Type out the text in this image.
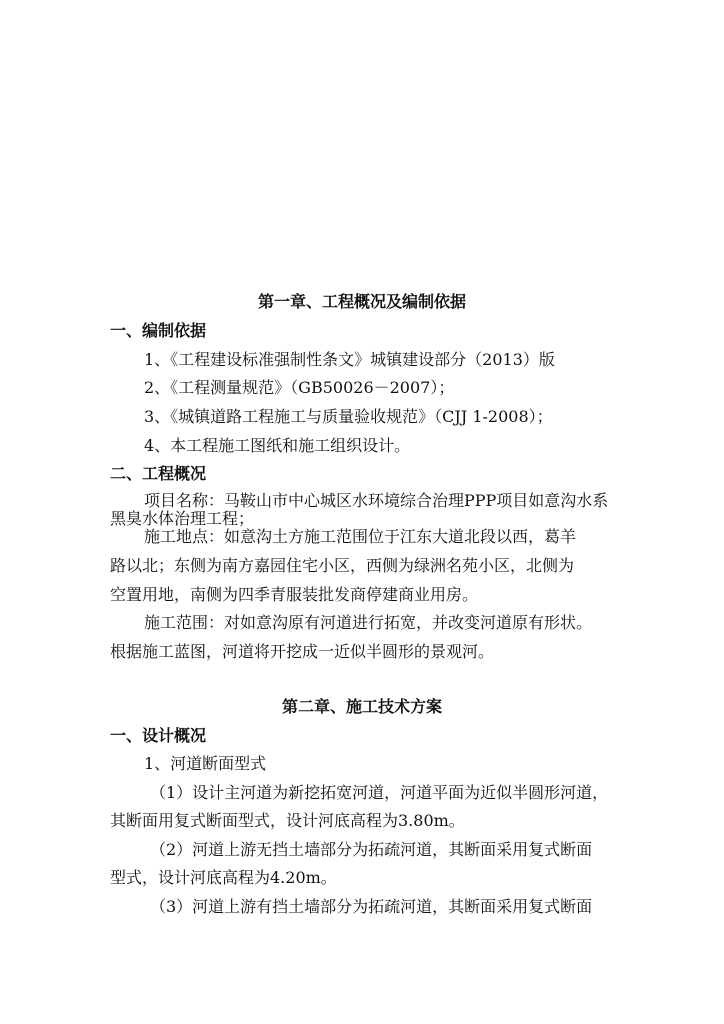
第一章、工程概况及编制依据
一、编制依据
1、《工程建设标准强制性条文》城镇建设部分（2013）版
2、《工程测量规范》（GB50026－2007）；
3、《城镇道路工程施工与质量验收规范》（CJJ 1-2008）；
4、本工程施工图纸和施工组织设计。
二、工程概况
项目名称：马鞍山市中心城区水环境综合治理PPP项目如意沟水系
黑臭水体治理工程；
施工地点：如意沟土方施工范围位于江东大道北段以西，葛羊
路以北；东侧为南方嘉园住宅小区，西侧为绿洲名苑小区，北侧为
空置用地，南侧为四季青服装批发商停建商业用房。
施工范围：对如意沟原有河道进行拓宽，并改变河道原有形状。
根据施工蓝图，河道将开挖成一近似半圆形的景观河。
第二章、施工技术方案
一、设计概况
1、河道断面型式
（1）设计主河道为新挖拓宽河道，河道平面为近似半圆形河道，
其断面用复式断面型式，设计河底高程为3.80m。
（2）河道上游无挡土墙部分为拓疏河道，其断面采用复式断面
型式，设计河底高程为4.20m。
（3）河道上游有挡土墙部分为拓疏河道，其断面采用复式断面
